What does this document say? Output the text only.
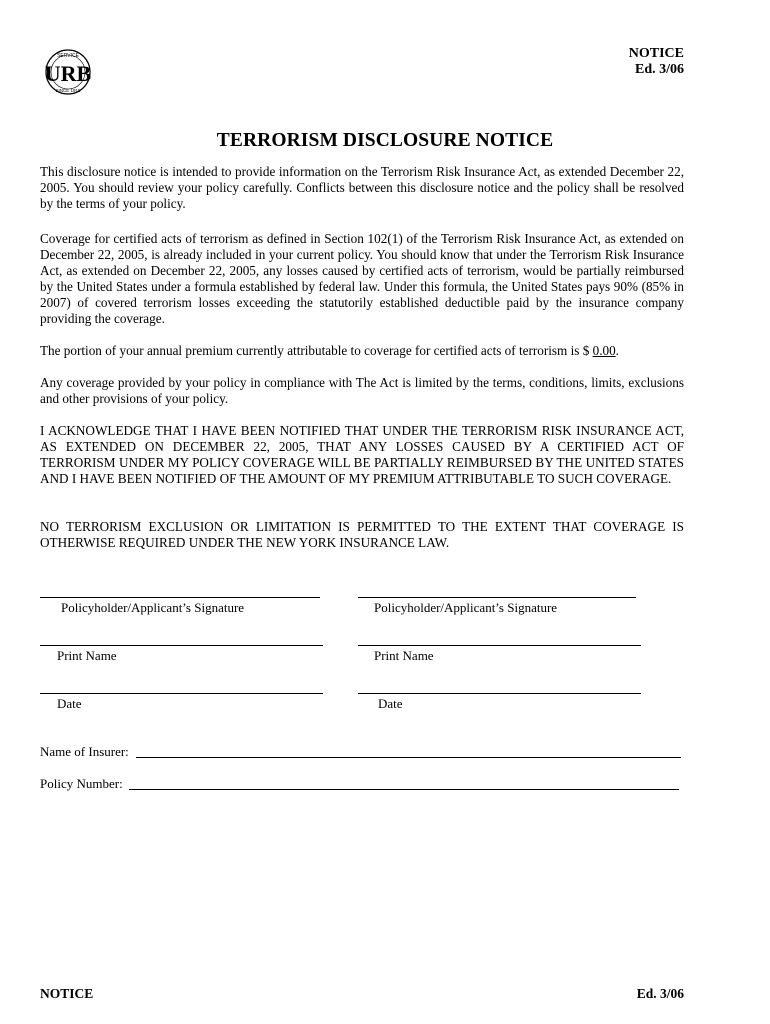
URB
SERVICE
SINCE 1918
NOTICE
Ed. 3/06
TERRORISM DISCLOSURE NOTICE
This disclosure notice is intended to provide information on the Terrorism Risk Insurance Act, as extended December 22, 2005. You should review your policy carefully. Conflicts between this disclosure notice and the policy shall be resolved by the terms of your policy.
Coverage for certified acts of terrorism as defined in Section 102(1) of the Terrorism Risk Insurance Act, as extended on December 22, 2005, is already included in your current policy. You should know that under the Terrorism Risk Insurance Act, as extended on December 22, 2005, any losses caused by certified acts of terrorism, would be partially reimbursed by the United States under a formula established by federal law. Under this formula, the United States pays 90% (85% in 2007) of covered terrorism losses exceeding the statutorily established deductible paid by the insurance company providing the coverage.
The portion of your annual premium currently attributable to coverage for certified acts of terrorism is $ 0.00.
Any coverage provided by your policy in compliance with The Act is limited by the terms, conditions, limits, exclusions and other provisions of your policy.
I ACKNOWLEDGE THAT I HAVE BEEN NOTIFIED THAT UNDER THE TERRORISM RISK INSURANCE ACT, AS EXTENDED ON DECEMBER 22, 2005, THAT ANY LOSSES CAUSED BY A CERTIFIED ACT OF TERRORISM UNDER MY POLICY COVERAGE WILL BE PARTIALLY REIMBURSED BY THE UNITED STATES AND I HAVE BEEN NOTIFIED OF THE AMOUNT OF MY PREMIUM ATTRIBUTABLE TO SUCH COVERAGE.
NO TERRORISM EXCLUSION OR LIMITATION IS PERMITTED TO THE EXTENT THAT COVERAGE IS OTHERWISE REQUIRED UNDER THE NEW YORK INSURANCE LAW.
Policyholder/Applicant’s Signature	Policyholder/Applicant’s Signature
Print Name	Print Name
Date	Date
Name of Insurer:
Policy Number:
NOTICE	Ed. 3/06
